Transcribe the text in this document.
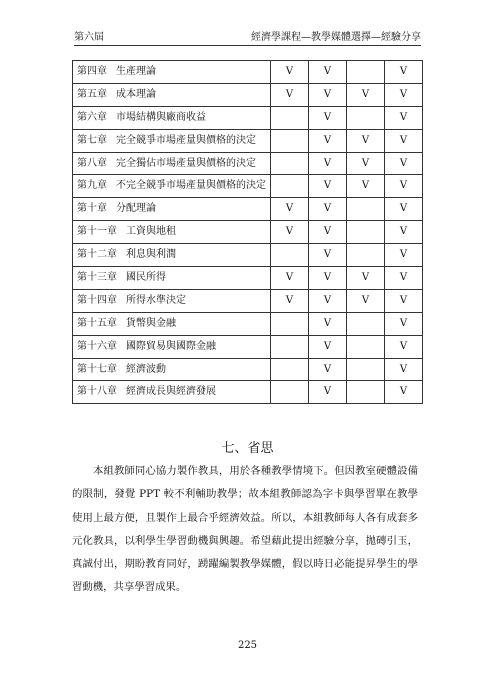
第六屆	經濟學課程—教學媒體選擇—經驗分享
第四章 生產理論	V	V		V
第五章 成本理論	V	V	V	V
第六章 市場結構與廠商收益		V		V
第七章 完全競爭市場產量與價格的決定		V	V	V
第八章 完全獨佔市場產量與價格的決定		V	V	V
第九章 不完全競爭市場產量與價格的決定		V	V	V
第十章 分配理論	V	V		V
第十一章 工資與地租	V	V		V
第十二章 利息與利潤		V		V
第十三章 國民所得	V	V	V	V
第十四章 所得水準決定	V	V	V	V
第十五章 貨幣與金融		V		V
第十六章 國際貿易與國際金融		V		V
第十七章 經濟波動		V		V
第十八章 經濟成長與經濟發展		V		V
七、省思
　　本組教師同心協力製作教具，用於各種教學情境下。但因教室硬體設備的限制，發覺 PPT 較不利輔助教學；故本組教師認為字卡與學習單在教學使用上最方便，且製作上最合乎經濟效益。所以，本組教師每人各有成套多元化教具，以利學生學習動機與興趣。希望藉此提出經驗分享，拋磚引玉，真誠付出，期盼教育同好，踴躍編製教學媒體，假以時日必能提昇學生的學習動機，共享學習成果。
225
